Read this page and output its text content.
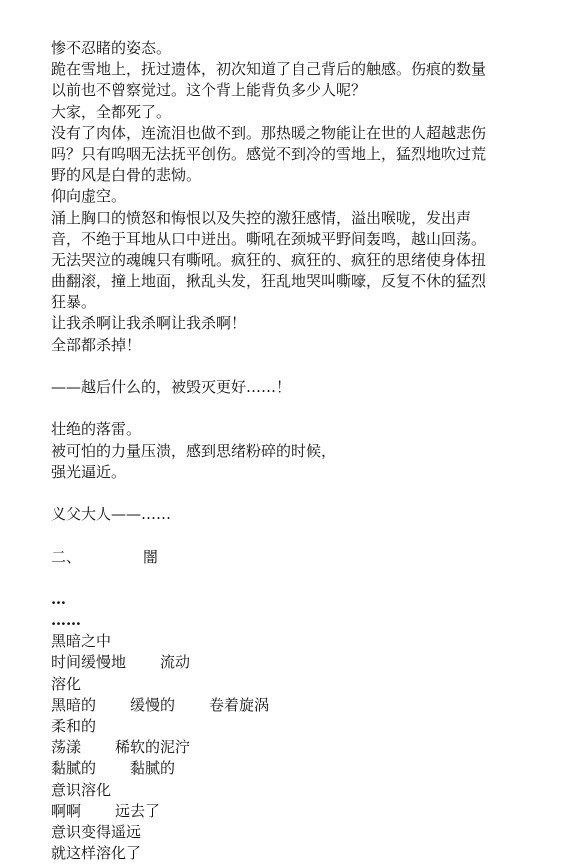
惨不忍睹的姿态。
跪在雪地上，抚过遗体，初次知道了自己背后的触感。伤痕的数量
以前也不曾察觉过。这个背上能背负多少人呢？
大家，全都死了。
没有了肉体，连流泪也做不到。那热暖之物能让在世的人超越悲伤
吗？只有呜咽无法抚平创伤。感觉不到冷的雪地上，猛烈地吹过荒
野的风是白骨的悲恸。
仰向虚空。
涌上胸口的愤怒和悔恨以及失控的激狂感情，溢出喉咙，发出声
音，不绝于耳地从口中迸出。嘶吼在颈城平野间轰鸣，越山回荡。
无法哭泣的魂魄只有嘶吼。疯狂的、疯狂的、疯狂的思绪使身体扭
曲翻滚，撞上地面，揪乱头发，狂乱地哭叫嘶嚎，反复不休的猛烈
狂暴。
让我杀啊让我杀啊让我杀啊！
全部都杀掉！
——越后什么的，被毁灭更好……！
壮绝的落雷。
被可怕的力量压溃，感到思绪粉碎的时候，
强光逼近。
义父大人——……
二、	闇
…
……
黑暗之中
时间缓慢地 流动
溶化
黑暗的 缓慢的 卷着旋涡
柔和的
荡漾 稀软的泥泞
黏腻的 黏腻的
意识溶化
啊啊 远去了
意识变得遥远
就这样溶化了
